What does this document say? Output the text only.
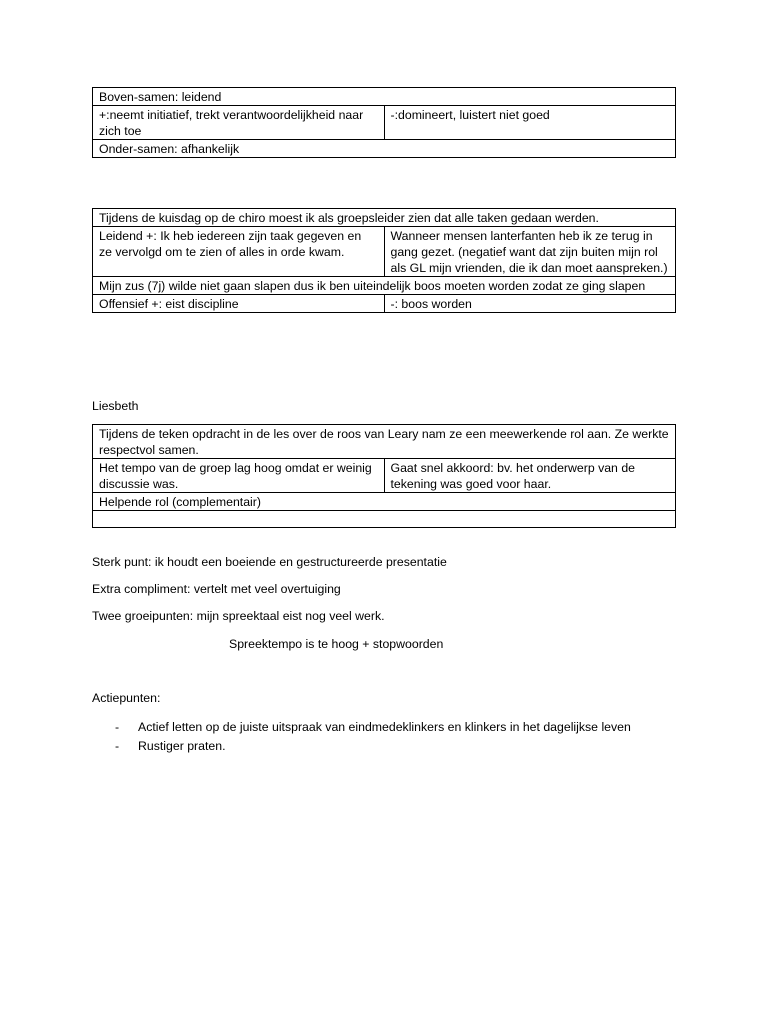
Boven-samen: leidend
+:neemt initiatief, trekt verantwoordelijkheid naar zich toe	-:domineert, luistert niet goed
Onder-samen: afhankelijk
Tijdens de kuisdag op de chiro moest ik als groepsleider zien dat alle taken gedaan werden.	
Leidend +: Ik heb iedereen zijn taak gegeven en ze vervolgd om te zien of alles in orde kwam.	Wanneer mensen lanterfanten heb ik ze terug in gang gezet. (negatief want dat zijn buiten mijn rol als GL mijn vrienden, die ik dan moet aanspreken.)
Mijn zus (7j) wilde niet gaan slapen dus ik ben uiteindelijk boos moeten worden zodat ze ging slapen	
Offensief +: eist discipline	-: boos worden
Liesbeth
Tijdens de teken opdracht in de les over de roos van Leary nam ze een meewerkende rol aan. Ze werkte respectvol samen.
Het tempo van de groep lag hoog omdat er weinig discussie was.	Gaat snel akkoord: bv. het onderwerp van de tekening was goed voor haar.
Helpende rol (complementair)

Sterk punt: ik houdt een boeiende en gestructureerde presentatie
Extra compliment: vertelt met veel overtuiging
Twee groeipunten: mijn spreektaal eist nog veel werk.
Spreektempo is te hoog + stopwoorden
Actiepunten:
- Actief letten op de juiste uitspraak van eindmedeklinkers en klinkers in het dagelijkse leven
- Rustiger praten.
